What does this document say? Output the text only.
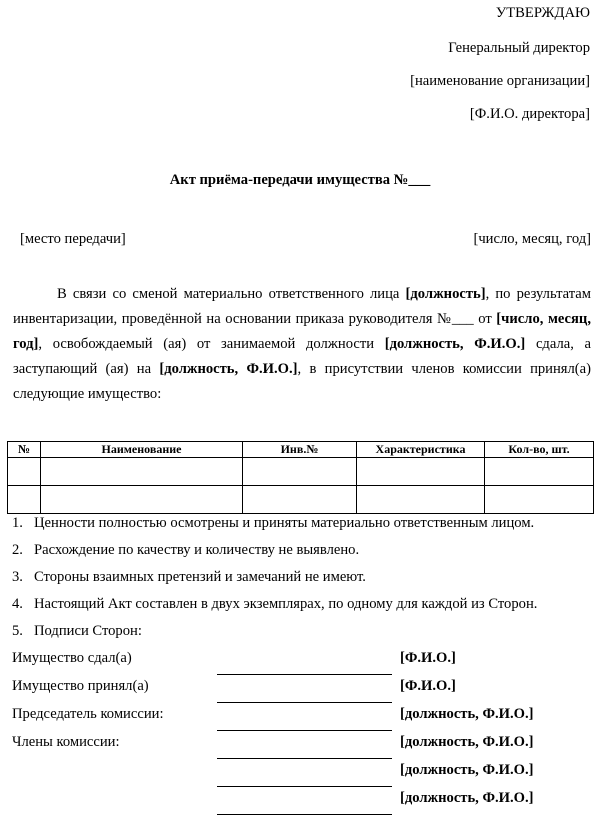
УТВЕРЖДАЮ
Генеральный директор
[наименование организации]
[Ф.И.О. директора]
Акт приёма-передачи имущества №___
[место передачи]	[число, месяц, год]
В связи со сменой материально ответственного лица [должность], по результатам инвентаризации, проведённой на основании приказа руководителя №___ от [число, месяц, год], освобождаемый (ая) от занимаемой должности [должность, Ф.И.О.] сдала, а заступающий (ая) на [должность, Ф.И.О.], в присутствии членов комиссии принял(а) следующие имущество:
№	Наименование	Инв.№	Характеристика	Кол-во, шт.

1. Ценности полностью осмотрены и приняты материально ответственным лицом.
2. Расхождение по качеству и количеству не выявлено.
3. Стороны взаимных претензий и замечаний не имеют.
4. Настоящий Акт составлен в двух экземплярах, по одному для каждой из Сторон.
5. Подписи Сторон:
Имущество сдал(а)	[Ф.И.О.]
Имущество принял(а)	[Ф.И.О.]
Председатель комиссии:	[должность, Ф.И.О.]
Члены комиссии:	[должность, Ф.И.О.]
[должность, Ф.И.О.]
[должность, Ф.И.О.]
